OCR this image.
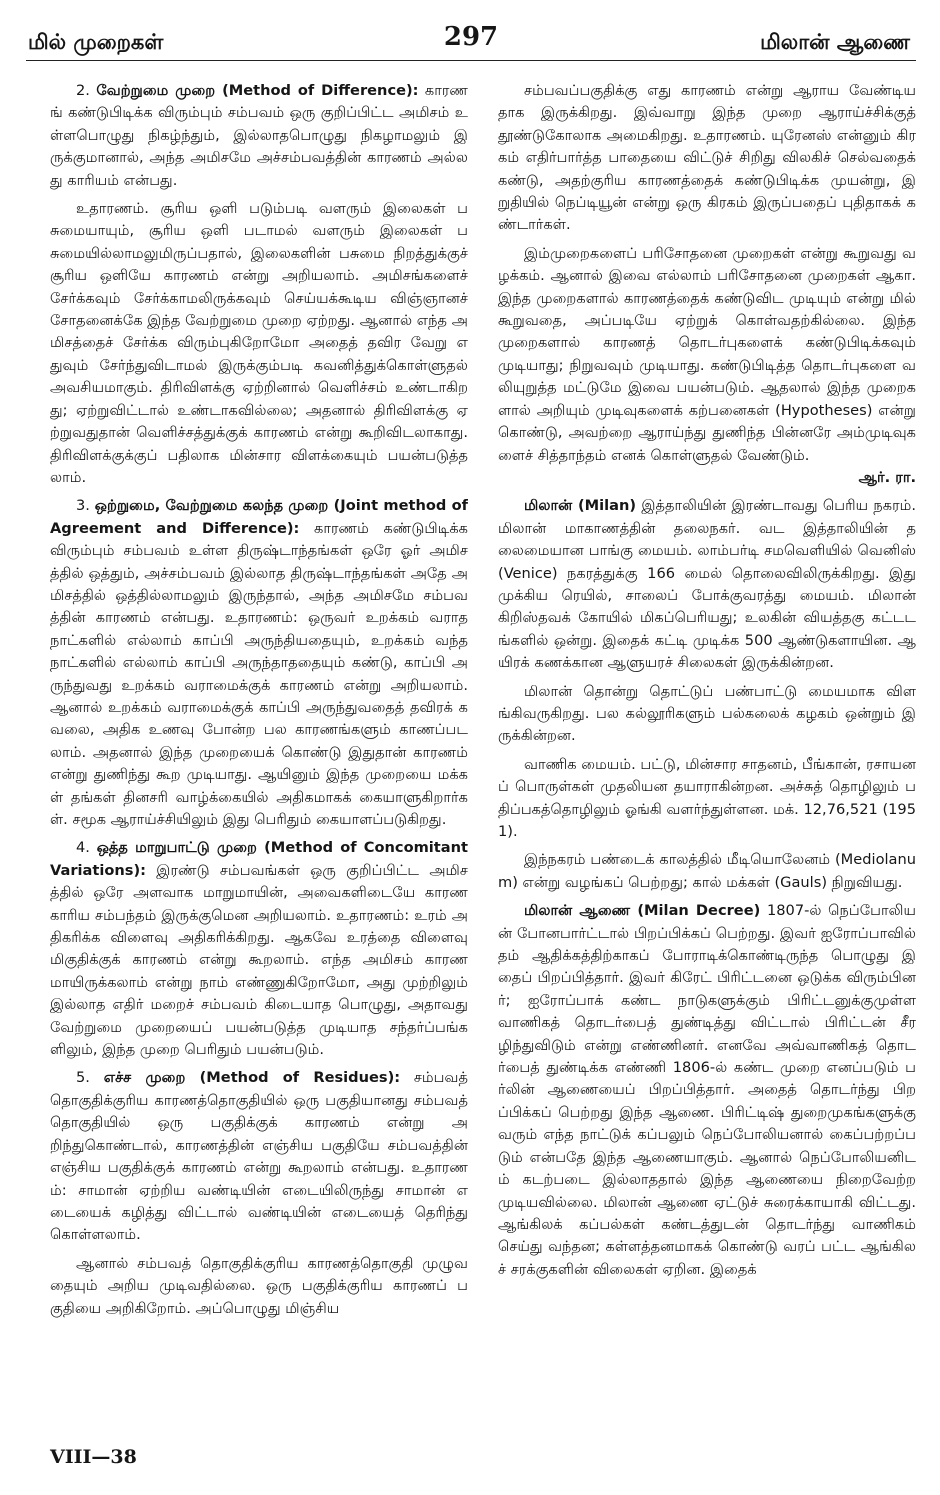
மில் முறைகள்	297	மிலான் ஆணை

2. வேற்றுமை முறை (Method of Difference): காரணங் கண்டுபிடிக்க விரும்பும் சம்பவம் ஒரு குறிப்பிட்ட அமிசம் உள்ளபொழுது நிகழ்ந்தும், இல்லாதபொழுது நிகழாமலும் இருக்குமானால், அந்த அமிசமே அச்சம்பவத்தின் காரணம் அல்லது காரியம் என்பது.

உதாரணம். சூரிய ஒளி படும்படி வளரும் இலைகள் பசுமையாயும், சூரிய ஒளி படாமல் வளரும் இலைகள் பசுமையில்லாமலுமிருப்பதால், இலைகளின் பசுமை நிறத்துக்குச் சூரிய ஒளியே காரணம் என்று அறியலாம். அமிசங்களைச் சேர்க்கவும் சேர்க்காமலிருக்கவும் செய்யக்கூடிய விஞ்ஞானச் சோதனைக்கே இந்த வேற்றுமை முறை ஏற்றது. ஆனால் எந்த அமிசத்தைச் சேர்க்க விரும்புகிறோமோ அதைத் தவிர வேறு எதுவும் சேர்ந்துவிடாமல் இருக்கும்படி கவனித்துக்கொள்ளுதல் அவசியமாகும். திரிவிளக்கு ஏற்றினால் வெளிச்சம் உண்டாகிறது; ஏற்றுவிட்டால் உண்டாகவில்லை; அதனால் திரிவிளக்கு ஏற்றுவதுதான் வெளிச்சத்துக்குக் காரணம் என்று கூறிவிடலாகாது. திரிவிளக்குக்குப் பதிலாக மின்சார விளக்கையும் பயன்படுத்தலாம்.

3. ஒற்றுமை, வேற்றுமை கலந்த முறை (Joint method of Agreement and Difference): காரணம் கண்டுபிடிக்க விரும்பும் சம்பவம் உள்ள திருஷ்டாந்தங்கள் ஒரே ஓர் அமிசத்தில் ஒத்தும், அச்சம்பவம் இல்லாத திருஷ்டாந்தங்கள் அதே அமிசத்தில் ஒத்தில்லாமலும் இருந்தால், அந்த அமிசமே சம்பவத்தின் காரணம் என்பது. உதாரணம்: ஒருவர் உறக்கம் வராத நாட்களில் எல்லாம் காப்பி அருந்தியதையும், உறக்கம் வந்த நாட்களில் எல்லாம் காப்பி அருந்தாததையும் கண்டு, காப்பி அருந்துவது உறக்கம் வராமைக்குக் காரணம் என்று அறியலாம். ஆனால் உறக்கம் வராமைக்குக் காப்பி அருந்துவதைத் தவிரக் கவலை, அதிக உணவு போன்ற பல காரணங்களும் காணப்படலாம். அதனால் இந்த முறையைக் கொண்டு இதுதான் காரணம் என்று துணிந்து கூற முடியாது. ஆயினும் இந்த முறையை மக்கள் தங்கள் தினசரி வாழ்க்கையில் அதிகமாகக் கையாளுகிறார்கள். சமூக ஆராய்ச்சியிலும் இது பெரிதும் கையாளப்படுகிறது.

4. ஒத்த மாறுபாட்டு முறை (Method of Concomitant Variations): இரண்டு சம்பவங்கள் ஒரு குறிப்பிட்ட அமிசத்தில் ஒரே அளவாக மாறுமாயின், அவைகளிடையே காரண காரிய சம்பந்தம் இருக்குமென அறியலாம். உதாரணம்: உரம் அதிகரிக்க விளைவு அதிகரிக்கிறது. ஆகவே உரத்தை விளைவு மிகுதிக்குக் காரணம் என்று கூறலாம். எந்த அமிசம் காரணமாயிருக்கலாம் என்று நாம் எண்ணுகிறோமோ, அது முற்றிலும் இல்லாத எதிர் மறைச் சம்பவம் கிடையாத பொழுது, அதாவது வேற்றுமை முறையைப் பயன்படுத்த முடியாத சந்தர்ப்பங்களிலும், இந்த முறை பெரிதும் பயன்படும்.

5. எச்ச முறை (Method of Residues): சம்பவத் தொகுதிக்குரிய காரணத்தொகுதியில் ஒரு பகுதியானது சம்பவத் தொகுதியில் ஒரு பகுதிக்குக் காரணம் என்று அறிந்துகொண்டால், காரணத்தின் எஞ்சிய பகுதியே சம்பவத்தின் எஞ்சிய பகுதிக்குக் காரணம் என்று கூறலாம் என்பது. உதாரணம்: சாமான் ஏற்றிய வண்டியின் எடையிலிருந்து சாமான் எடையைக் கழித்து விட்டால் வண்டியின் எடையைத் தெரிந்து கொள்ளலாம்.

ஆனால் சம்பவத் தொகுதிக்குரிய காரணத்தொகுதி முழுவதையும் அறிய முடிவதில்லை. ஒரு பகுதிக்குரிய காரணப் பகுதியை அறிகிறோம். அப்பொழுது மிஞ்சிய

சம்பவப்பகுதிக்கு எது காரணம் என்று ஆராய வேண்டியதாக இருக்கிறது. இவ்வாறு இந்த முறை ஆராய்ச்சிக்குத் தூண்டுகோலாக அமைகிறது. உதாரணம். யுரேனஸ் என்னும் கிரகம் எதிர்பார்த்த பாதையை விட்டுச் சிறிது விலகிச் செல்வதைக் கண்டு, அதற்குரிய காரணத்தைக் கண்டுபிடிக்க முயன்று, இறுதியில் நெப்டியூன் என்று ஒரு கிரகம் இருப்பதைப் புதிதாகக் கண்டார்கள்.

இம்முறைகளைப் பரிசோதனை முறைகள் என்று கூறுவது வழக்கம். ஆனால் இவை எல்லாம் பரிசோதனை முறைகள் ஆகா. இந்த முறைகளால் காரணத்தைக் கண்டுவிட முடியும் என்று மில் கூறுவதை, அப்படியே ஏற்றுக் கொள்வதற்கில்லை. இந்த முறைகளால் காரணத் தொடர்புகளைக் கண்டுபிடிக்கவும் முடியாது; நிறுவவும் முடியாது. கண்டுபிடித்த தொடர்புகளை வலியுறுத்த மட்டுமே இவை பயன்படும். ஆதலால் இந்த முறைகளால் அறியும் முடிவுகளைக் கற்பனைகள் (Hypotheses) என்று கொண்டு, அவற்றை ஆராய்ந்து துணிந்த பின்னரே அம்முடிவுகளைச் சித்தாந்தம் எனக் கொள்ளுதல் வேண்டும்.

ஆர். ரா.

மிலான் (Milan) இத்தாலியின் இரண்டாவது பெரிய நகரம். மிலான் மாகாணத்தின் தலைநகர். வட இத்தாலியின் தலைமையான பாங்கு மையம். லாம்பர்டி சமவெளியில் வெனிஸ் (Venice) நகரத்துக்கு 166 மைல் தொலைவிலிருக்கிறது. இது முக்கிய ரெயில், சாலைப் போக்குவரத்து மையம். மிலான் கிறிஸ்தவக் கோயில் மிகப்பெரியது; உலகின் வியத்தகு கட்டடங்களில் ஒன்று. இதைக் கட்டி முடிக்க 500 ஆண்டுகளாயின. ஆயிரக் கணக்கான ஆளுயரச் சிலைகள் இருக்கின்றன.

மிலான் தொன்று தொட்டுப் பண்பாட்டு மையமாக விளங்கிவருகிறது. பல கல்லூரிகளும் பல்கலைக் கழகம் ஒன்றும் இருக்கின்றன.

வாணிக மையம். பட்டு, மின்சார சாதனம், பீங்கான், ரசாயனப் பொருள்கள் முதலியன தயாராகின்றன. அச்சுத் தொழிலும் பதிப்பகத்தொழிலும் ஓங்கி வளர்ந்துள்ளன. மக். 12,76,521 (1951).

இந்நகரம் பண்டைக் காலத்தில் மீடியொலேனம் (Mediolanum) என்று வழங்கப் பெற்றது; கால் மக்கள் (Gauls) நிறுவியது.

மிலான் ஆணை (Milan Decree) 1807-ல் நெப்போலியன் போனபார்ட்டால் பிறப்பிக்கப் பெற்றது. இவர் ஐரோப்பாவில் தம் ஆதிக்கத்திற்காகப் போராடிக்கொண்டிருந்த பொழுது இதைப் பிறப்பித்தார். இவர் கிரேட் பிரிட்டனை ஒடுக்க விரும்பினர்; ஐரோப்பாக் கண்ட நாடுகளுக்கும் பிரிட்டனுக்குமுள்ள வாணிகத் தொடர்பைத் துண்டித்து விட்டால் பிரிட்டன் சீரழிந்துவிடும் என்று எண்ணினர். எனவே அவ்வாணிகத் தொடர்பைத் துண்டிக்க எண்ணி 1806-ல் கண்ட முறை எனப்படும் பர்லின் ஆணையைப் பிறப்பித்தார். அதைத் தொடர்ந்து பிறப்பிக்கப் பெற்றது இந்த ஆணை. பிரிட்டிஷ் துறைமுகங்களுக்கு வரும் எந்த நாட்டுக் கப்பலும் நெப்போலியனால் கைப்பற்றப்படும் என்பதே இந்த ஆணையாகும். ஆனால் நெப்போலியனிடம் கடற்படை இல்லாததால் இந்த ஆணையை நிறைவேற்ற முடியவில்லை. மிலான் ஆணை ஏட்டுச் சுரைக்காயாகி விட்டது. ஆங்கிலக் கப்பல்கள் கண்டத்துடன் தொடர்ந்து வாணிகம் செய்து வந்தன; கள்ளத்தனமாகக் கொண்டு வரப் பட்ட ஆங்கிலச் சரக்குகளின் விலைகள் ஏறின. இதைக்

VIII—38
